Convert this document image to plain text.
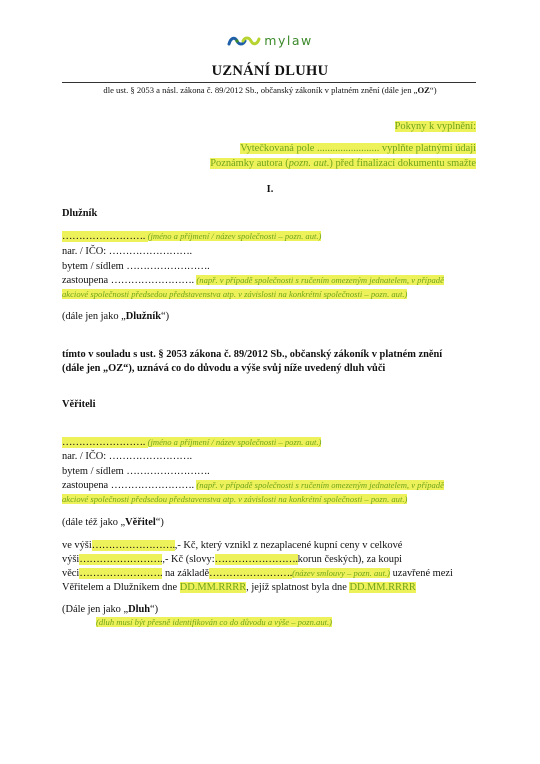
mylaw
UZNÁNÍ DLUHU
dle ust. § 2053 a násl. zákona č. 89/2012 Sb., občanský zákoník v platném znění (dále jen „OZ“)
Pokyny k vyplnění:
Vytečkovaná pole ........................ vyplňte platnými údaji
Poznámky autora (pozn. aut.) před finalizací dokumentu smažte
I.
Dlužník
……………………. (jméno a příjmení / název společnosti – pozn. aut.)
nar. / IČO: …………………….
bytem / sídlem …………………….
zastoupena ……………………. (např. v případě společnosti s ručením omezeným jednatelem, v případě
akciové společnosti předsedou představenstva atp. v závislosti na konkrétní společnosti – pozn. aut.)
(dále jen jako „Dlužník“)
tímto v souladu s ust. § 2053 zákona č. 89/2012 Sb., občanský zákoník v platném znění
(dále jen „OZ“), uznává co do důvodu a výše svůj níže uvedený dluh vůči
Věřiteli
……………………. (jméno a příjmení / název společnosti – pozn. aut.)
nar. / IČO: …………………….
bytem / sídlem …………………….
zastoupena ……………………. (např. v případě společnosti s ručením omezeným jednatelem, v případě
akciové společnosti předsedou představenstva atp. v závislosti na konkrétní společnosti – pozn. aut.)
(dále též jako „Věřitel“)
ve výši…………………….,- Kč, který vznikl z nezaplacené kupní ceny v celkové
výši…………………….,- Kč (slovy:…………………….korun českých), za koupi
věci……………………. na základě…………………….(název smlouvy – pozn. aut.) uzavřené mezi
Věřitelem a Dlužníkem dne DD.MM.RRRR, jejíž splatnost byla dne DD.MM.RRRR
(Dále jen jako „Dluh“)
(dluh musí být přesně identifikován co do důvodu a výše – pozn.aut.)
